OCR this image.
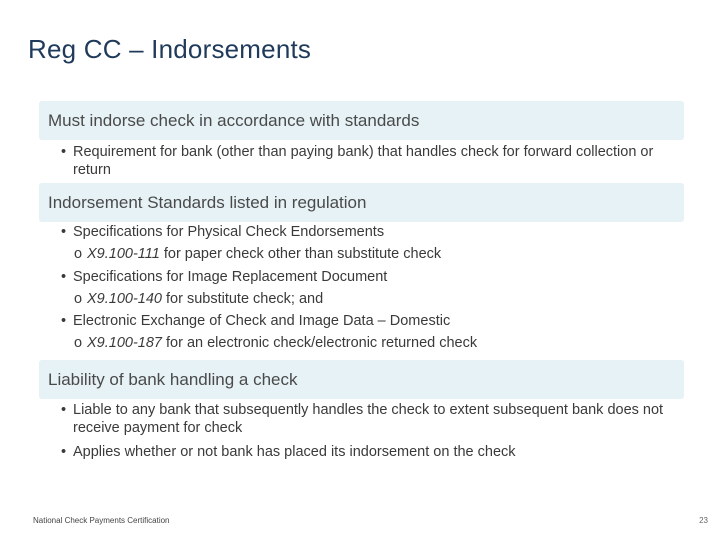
Reg CC – Indorsements
Must indorse check in accordance with standards
• Requirement for bank (other than paying bank) that handles check for forward collection or return
Indorsement Standards listed in regulation
• Specifications for Physical Check Endorsements
o X9.100-111 for paper check other than substitute check
• Specifications for Image Replacement Document
o X9.100-140 for substitute check; and
• Electronic Exchange of Check and Image Data – Domestic
o X9.100-187 for an electronic check/electronic returned check
Liability of bank handling a check
• Liable to any bank that subsequently handles the check to extent subsequent bank does not receive payment for check
• Applies whether or not bank has placed its indorsement on the check
National Check Payments Certification	23
